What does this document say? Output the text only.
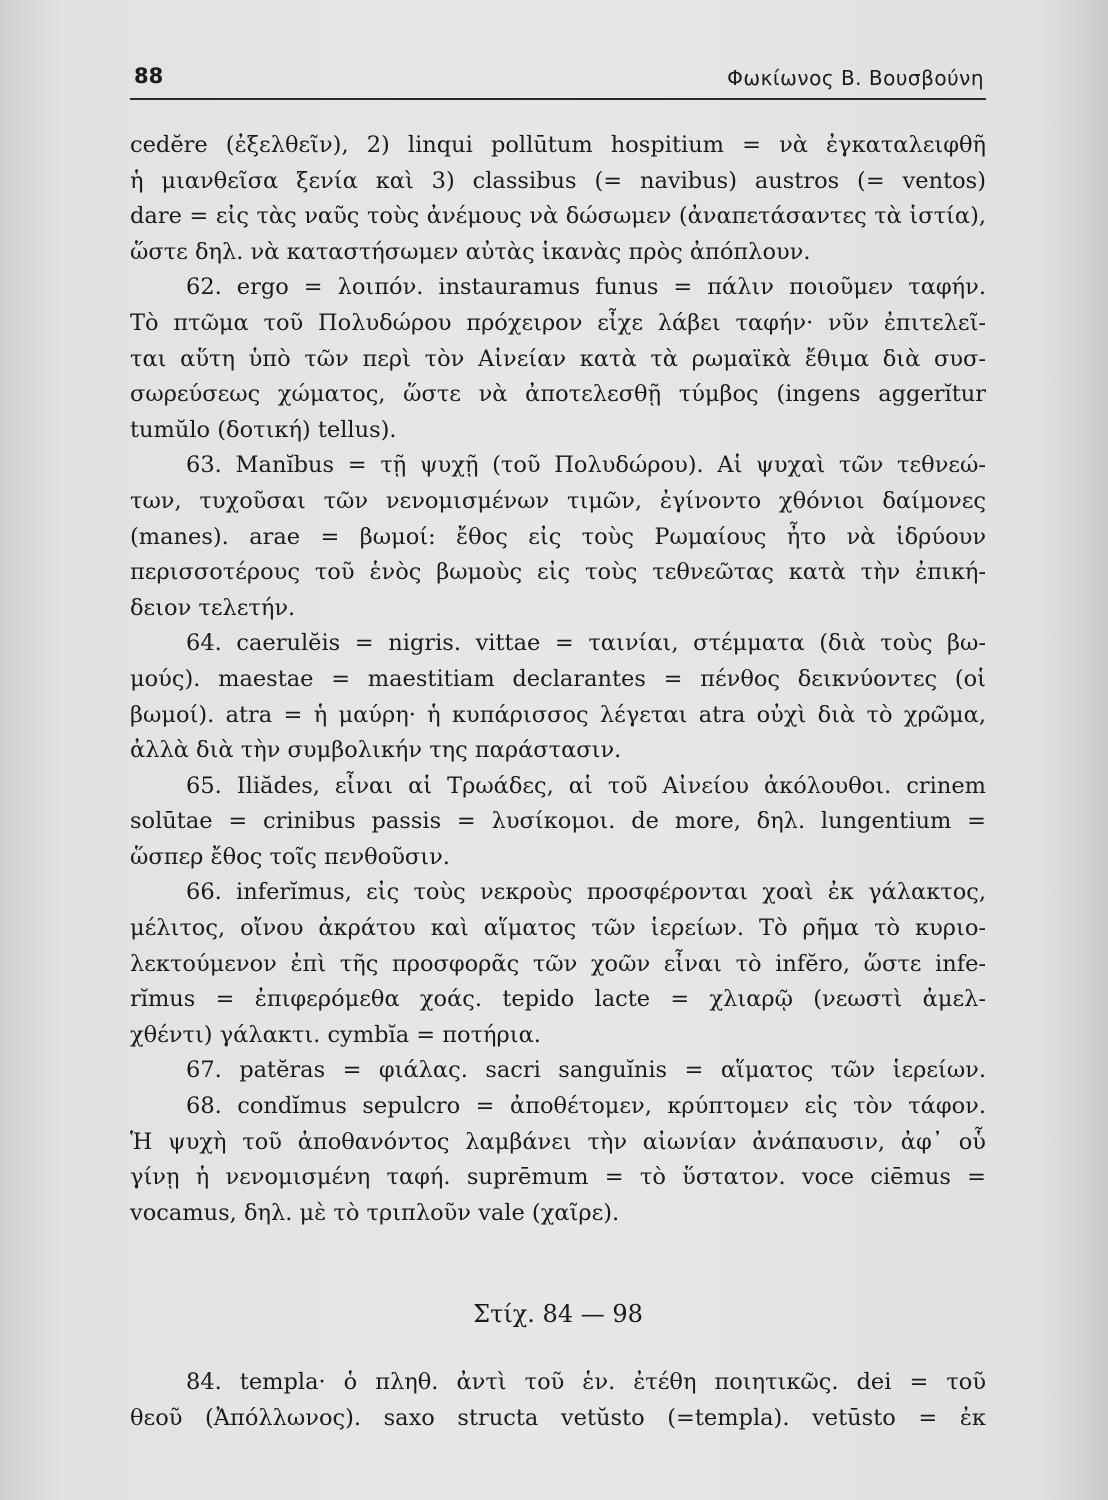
88	Φωκίωνος Β. Βουσβούνη
cedĕre (ἐξελθεῖν), 2) linqui pollūtum hospitium = νὰ ἐγκαταλειφθῆ
ἡ μιανθεῖσα ξενία καὶ 3) classibus (= navibus) austros (= ventos)
dare = εἰς τὰς ναῦς τοὺς ἀνέμους νὰ δώσωμεν (ἀναπετάσαντες τὰ ἱστία),
ὥστε δηλ. νὰ καταστήσωμεν αὐτὰς ἱκανὰς πρὸς ἀπόπλουν.
62. ergo = λοιπόν. instauramus funus = πάλιν ποιοῦμεν ταφήν.
Τὸ πτῶμα τοῦ Πολυδώρου πρόχειρον εἶχε λάβει ταφήν· νῦν ἐπιτελεῖ-
ται αὕτη ὑπὸ τῶν περὶ τὸν Αἰνείαν κατὰ τὰ ρωμαϊκὰ ἔθιμα διὰ συσ-
σωρεύσεως χώματος, ὥστε νὰ ἀποτελεσθῇ τύμβος (ingens aggerĭtur
tumŭlo (δοτική) tellus).
63. Manĭbus = τῇ ψυχῇ (τοῦ Πολυδώρου). Αἱ ψυχαὶ τῶν τεθνεώ-
των, τυχοῦσαι τῶν νενομισμένων τιμῶν, ἐγίνοντο χθόνιοι δαίμονες
(manes). arae = βωμοί: ἔθος εἰς τοὺς Ρωμαίους ἦτο νὰ ἱδρύουν
περισσοτέρους τοῦ ἑνὸς βωμοὺς εἰς τοὺς τεθνεῶτας κατὰ τὴν ἐπική-
δειον τελετήν.
64. caerulĕis = nigris. vittae = ταινίαι, στέμματα (διὰ τοὺς βω-
μούς). maestae = maestitiam declarantes = πένθος δεικνύοντες (οἱ
βωμοί). atra = ἡ μαύρη· ἡ κυπάρισσος λέγεται atra οὐχὶ διὰ τὸ χρῶμα,
ἀλλὰ διὰ τὴν συμβολικήν της παράστασιν.
65. Iliădes, εἶναι αἱ Τρωάδες, αἱ τοῦ Αἰνείου ἀκόλουθοι. crinem
solūtae = crinibus passis = λυσίκομοι. de more, δηλ. lungentium =
ὥσπερ ἔθος τοῖς πενθοῦσιν.
66. inferĭmus, εἰς τοὺς νεκροὺς προσφέρονται χοαὶ ἐκ γάλακτος,
μέλιτος, οἴνου ἀκράτου καὶ αἵματος τῶν ἱερείων. Τὸ ρῆμα τὸ κυριο-
λεκτούμενον ἐπὶ τῆς προσφορᾶς τῶν χοῶν εἶναι τὸ infĕro, ὥστε infe-
rĭmus = ἐπιφερόμεθα χοάς. tepido lacte = χλιαρῷ (νεωστὶ ἀμελ-
χθέντι) γάλακτι. cymbĭa = ποτήρια.
67. patĕras = φιάλας. sacri sanguĭnis = αἵματος τῶν ἱερείων.
68. condĭmus sepulcro = ἀποθέτομεν, κρύπτομεν εἰς τὸν τάφον.
Ἡ ψυχὴ τοῦ ἀποθανόντος λαμβάνει τὴν αἰωνίαν ἀνάπαυσιν, ἀφ᾿ οὗ
γίνῃ ἡ νενομισμένη ταφή. suprēmum = τὸ ὕστατον. voce ciēmus =
vocamus, δηλ. μὲ τὸ τριπλοῦν vale (χαῖρε).
Στίχ. 84 — 98
84. templa· ὁ πληθ. ἀντὶ τοῦ ἑν. ἐτέθη ποιητικῶς. dei = τοῦ
θεοῦ (Ἀπόλλωνος). saxo structa vetŭsto (=templa). vetūsto = ἐκ
